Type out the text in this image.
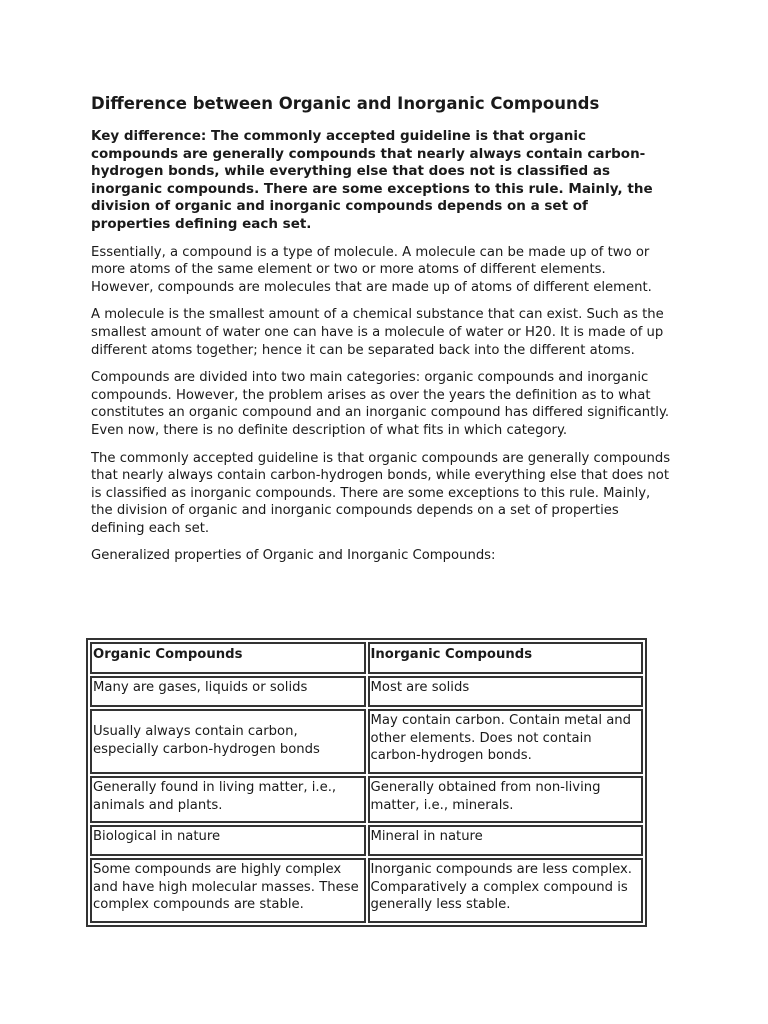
Difference between Organic and Inorganic Compounds
Key difference: The commonly accepted guideline is that organic compounds are generally compounds that nearly always contain carbon-hydrogen bonds, while everything else that does not is classified as inorganic compounds. There are some exceptions to this rule. Mainly, the division of organic and inorganic compounds depends on a set of properties defining each set.
Essentially, a compound is a type of molecule. A molecule can be made up of two or more atoms of the same element or two or more atoms of different elements. However, compounds are molecules that are made up of atoms of different element.
A molecule is the smallest amount of a chemical substance that can exist. Such as the smallest amount of water one can have is a molecule of water or H20. It is made of up different atoms together; hence it can be separated back into the different atoms.
Compounds are divided into two main categories: organic compounds and inorganic compounds. However, the problem arises as over the years the definition as to what constitutes an organic compound and an inorganic compound has differed significantly. Even now, there is no definite description of what fits in which category.
The commonly accepted guideline is that organic compounds are generally compounds that nearly always contain carbon-hydrogen bonds, while everything else that does not is classified as inorganic compounds. There are some exceptions to this rule. Mainly, the division of organic and inorganic compounds depends on a set of properties defining each set.
Generalized properties of Organic and Inorganic Compounds:
Organic Compounds	Inorganic Compounds
Many are gases, liquids or solids	Most are solids
Usually always contain carbon, especially carbon-hydrogen bonds	May contain carbon. Contain metal and other elements. Does not contain carbon-hydrogen bonds.
Generally found in living matter, i.e., animals and plants.	Generally obtained from non-living matter, i.e., minerals.
Biological in nature	Mineral in nature
Some compounds are highly complex and have high molecular masses. These complex compounds are stable.	Inorganic compounds are less complex. Comparatively a complex compound is generally less stable.
